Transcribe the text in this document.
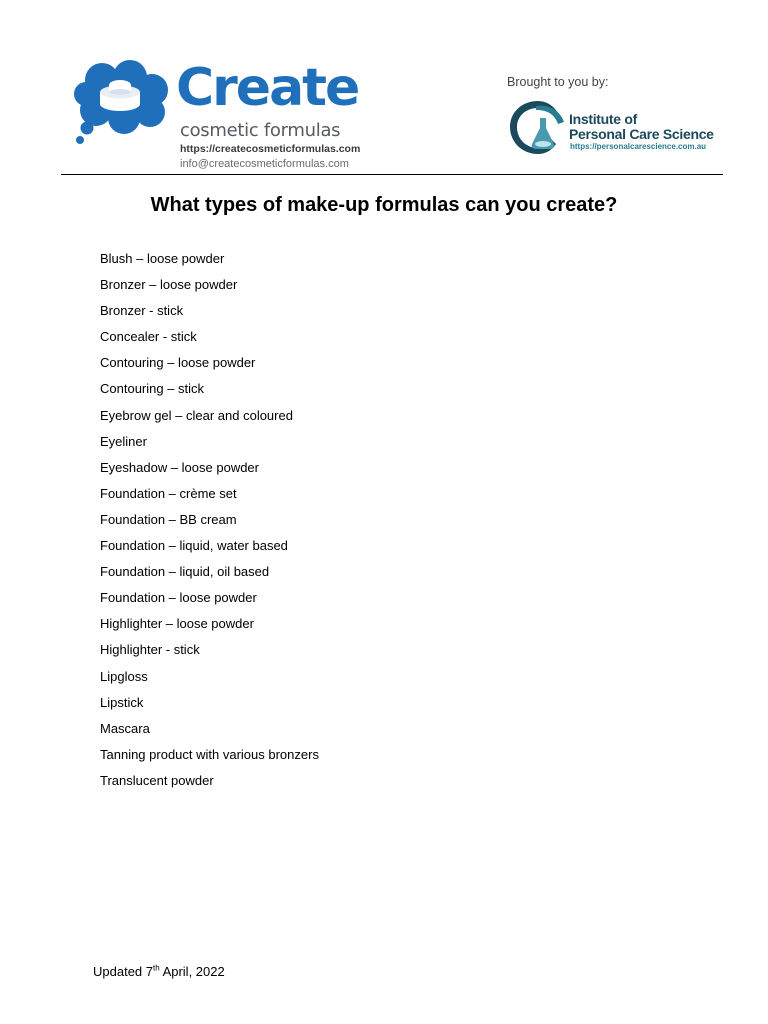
Create
cosmetic formulas
https://createcosmeticformulas.com
info@createcosmeticformulas.com
Brought to you by:
Institute of
Personal Care Science
https://personalcarescience.com.au
What types of make-up formulas can you create?
Blush – loose powder
Bronzer – loose powder
Bronzer - stick
Concealer - stick
Contouring – loose powder
Contouring – stick
Eyebrow gel – clear and coloured
Eyeliner
Eyeshadow – loose powder
Foundation – crème set
Foundation – BB cream
Foundation – liquid, water based
Foundation – liquid, oil based
Foundation – loose powder
Highlighter – loose powder
Highlighter - stick
Lipgloss
Lipstick
Mascara
Tanning product with various bronzers
Translucent powder
Updated 7th April, 2022
